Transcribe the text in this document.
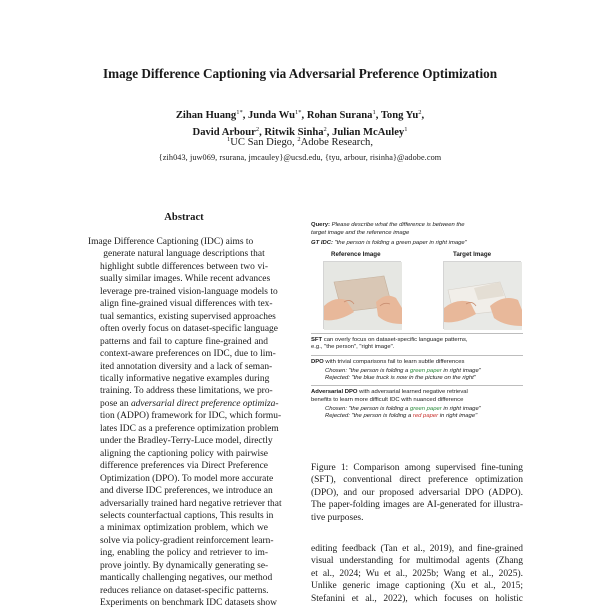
Image Difference Captioning via Adversarial Preference Optimization
Zihan Huang$^{1*}$, Junda $Wu^{1*}$, Rohan Surana$^1$, Tong Yu$^2$,
David Arbour$^2$, Ritwik Sinha$^2$, Julian McAuley$^1$
$^1$UC San Diego, $^2$Adobe Research,
{zih043, juw069, rsurana, jmcauley}@ucsd.edu, {tyu, arbour, risinha}@adobe.com
Abstract
Image Difference Captioning (IDC) aims to
generate natural language descriptions that
highlight subtle differences between two vi-
sually similar images. While recent advances
leverage pre-trained vision-language models to
align fine-grained visual differences with tex-
tual semantics, existing supervised approaches
often overly focus on dataset-specific language
patterns and fail to capture fine-grained and
context-aware preferences on IDC, due to lim-
ited annotation diversity and a lack of seman-
tically informative negative examples during
training. To address these limitations, we pro-
pose an adversarial direct preference optimiza-
tion (ADPO) framework for IDC, which formu-
lates IDC as a preference optimization problem
under the Bradley-Terry-Luce model, directly
aligning the captioning policy with pairwise
difference preferences via Direct Preference
Optimization (DPO). To model more accurate
and diverse IDC preferences, we introduce an
adversarially trained hard negative retriever that
selects counterfactual captions, This results in
a minimax optimization problem, which we
solve via policy-gradient reinforcement learn-
ing, enabling the policy and retriever to im-
prove jointly. By dynamically generating se-
mantically challenging negatives, our method
reduces reliance on dataset-specific patterns.
Experiments on benchmark IDC datasets show
Query: Please describe what the difference is between the
target image and the reference image
GT IDC: "the person is folding a green paper in right image"
Reference Image	Target Image
SFT can overly focus on dataset-specific language patterns,
e.g., "the person", "right image".
DPO with trivial comparisons fail to learn subtle differences
Chosen: "the person is folding a green paper in right image"
Rejected: "the blue truck is now in the picture on the right"
Adversarial DPO with adversarial learned negative retrieval
benefits to learn more difficult IDC with nuanced difference
Chosen: "the person is folding a green paper in right image"
Rejected: "the person is folding a red paper in right image"
Figure 1: Comparison among supervised fine-tuning
(SFT), conventional direct preference optimization
(DPO), and our proposed adversarial DPO (ADPO).
The paper-folding images are AI-generated for illustra-
tive purposes.
editing feedback (Tan et al., 2019), and fine-grained
visual understanding for multimodal agents (Zhang
et al., 2024; Wu et al., 2025b; Wang et al., 2025).
Unlike generic image captioning (Xu et al., 2015;
Stefanini et al., 2022), which focuses on holistic
